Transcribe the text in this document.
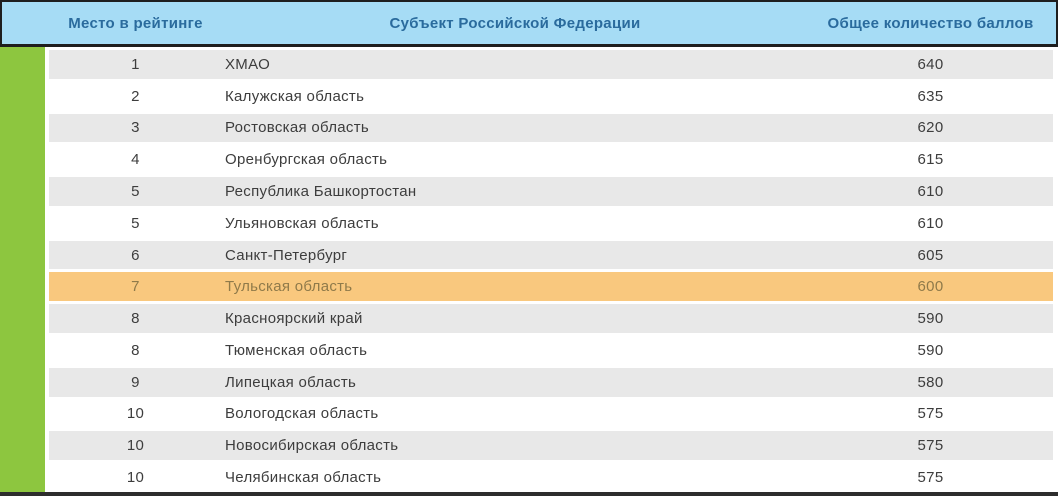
Место в рейтинге	Субъект Российской Федерации	Общее количество баллов
1	ХМАО	640
2	Калужская область	635
3	Ростовская область	620
4	Оренбургская область	615
5	Республика Башкортостан	610
5	Ульяновская область	610
6	Санкт-Петербург	605
7	Тульская область	600
8	Красноярский край	590
8	Тюменская область	590
9	Липецкая область	580
10	Вологодская область	575
10	Новосибирская область	575
10	Челябинская область	575
